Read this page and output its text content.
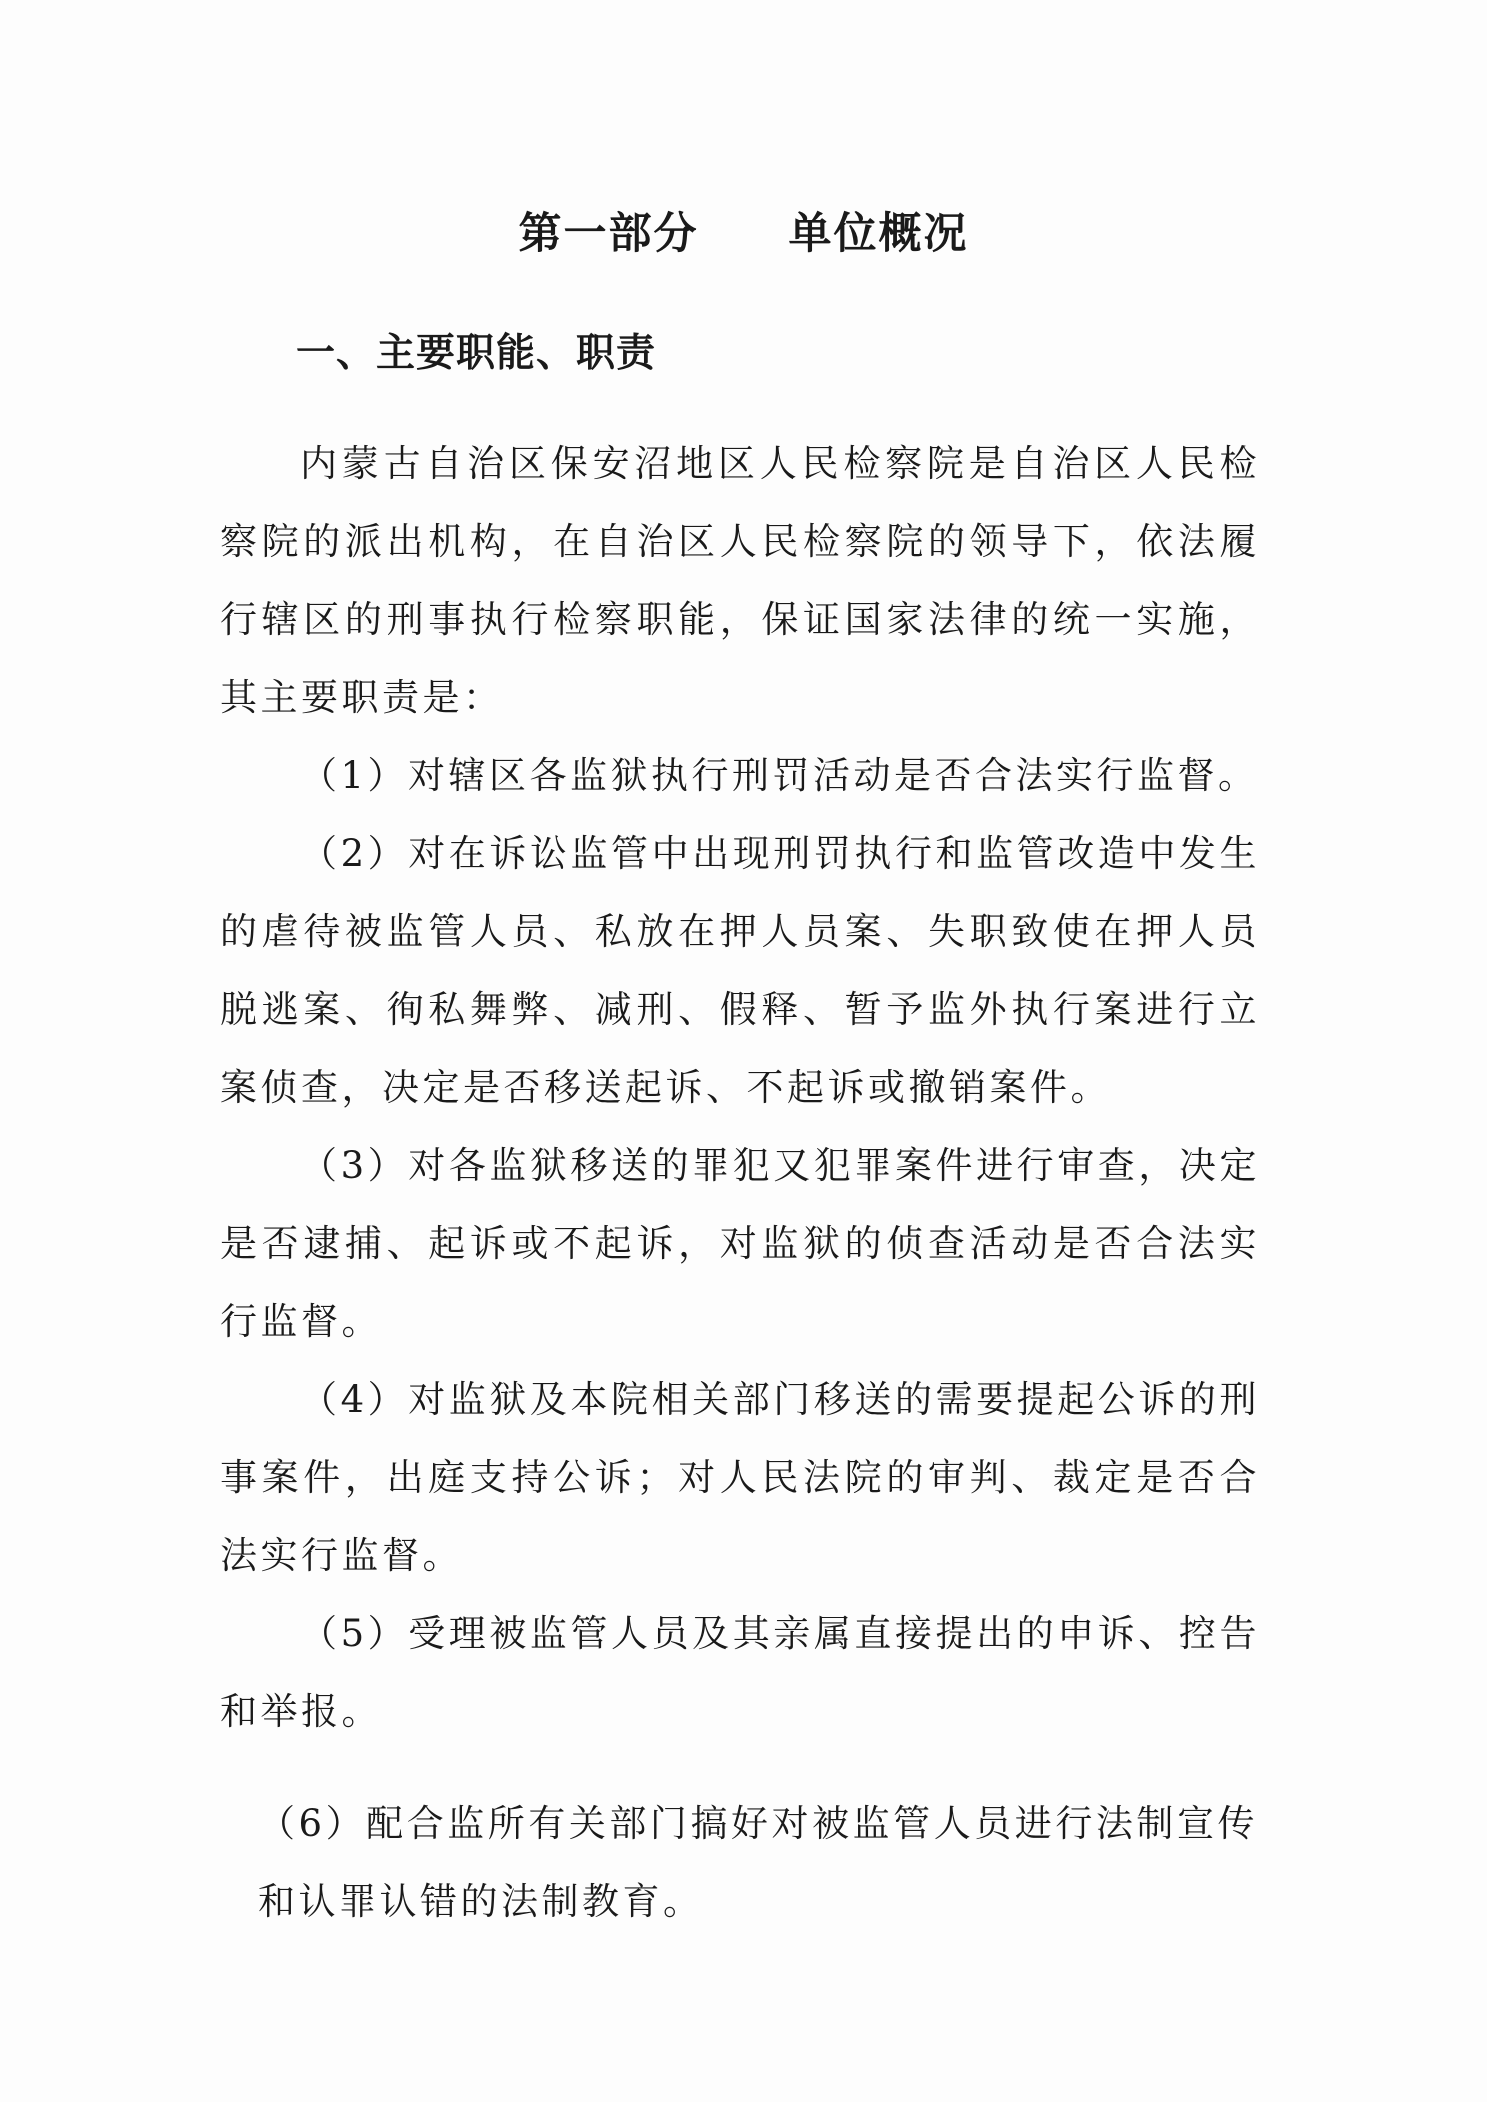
第一部分　　单位概况
一、主要职能、职责

内蒙古自治区保安沼地区人民检察院是自治区人民检察院的派出机构，在自治区人民检察院的领导下，依法履行辖区的刑事执行检察职能，保证国家法律的统一实施，其主要职责是：

（1）对辖区各监狱执行刑罚活动是否合法实行监督。

（2）对在诉讼监管中出现刑罚执行和监管改造中发生的虐待被监管人员、私放在押人员案、失职致使在押人员脱逃案、徇私舞弊、减刑、假释、暂予监外执行案进行立案侦查，决定是否移送起诉、不起诉或撤销案件。

（3）对各监狱移送的罪犯又犯罪案件进行审查，决定是否逮捕、起诉或不起诉，对监狱的侦查活动是否合法实行监督。

（4）对监狱及本院相关部门移送的需要提起公诉的刑事案件，出庭支持公诉；对人民法院的审判、裁定是否合法实行监督。

（5）受理被监管人员及其亲属直接提出的申诉、控告和举报。

（6）配合监所有关部门搞好对被监管人员进行法制宣传和认罪认错的法制教育。
